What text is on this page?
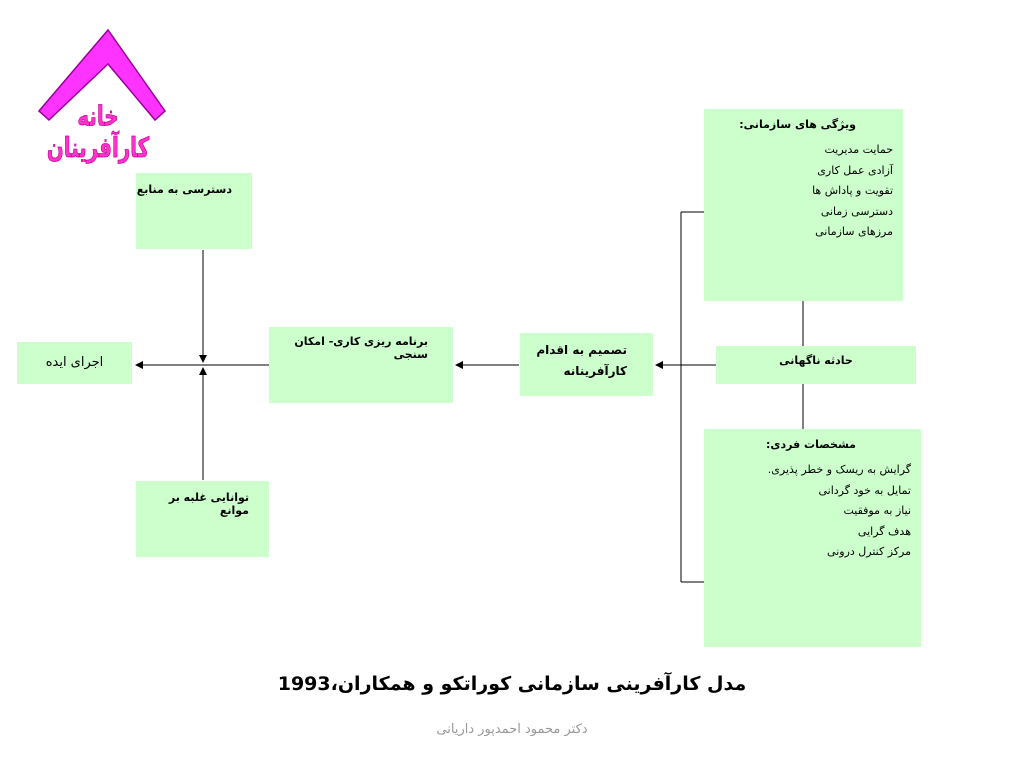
خانه کارآفرینان
دسترسی به منابع
توانایی غلبه بر موانع
اجرای ایده
برنامه ریزی کاری- امکان سنجی	تصمیم به اقدام کارآفرینانه
حادثه ناگهانی
ویژگی های سازمانی:
حمایت مدیریت
آزادی عمل کاری
تقویت و پاداش ها
دسترسی زمانی
مرزهای سازمانی
مشخصات فردی:
گرایش به ریسک و خطر پذیری.
تمایل به خود گردانی
نیاز به موفقیت
هدف گرایی
مرکز کنترل درونی
مدل کارآفرینی سازمانی کوراتکو و همکاران،1993
دکتر محمود احمدپور داریانی
